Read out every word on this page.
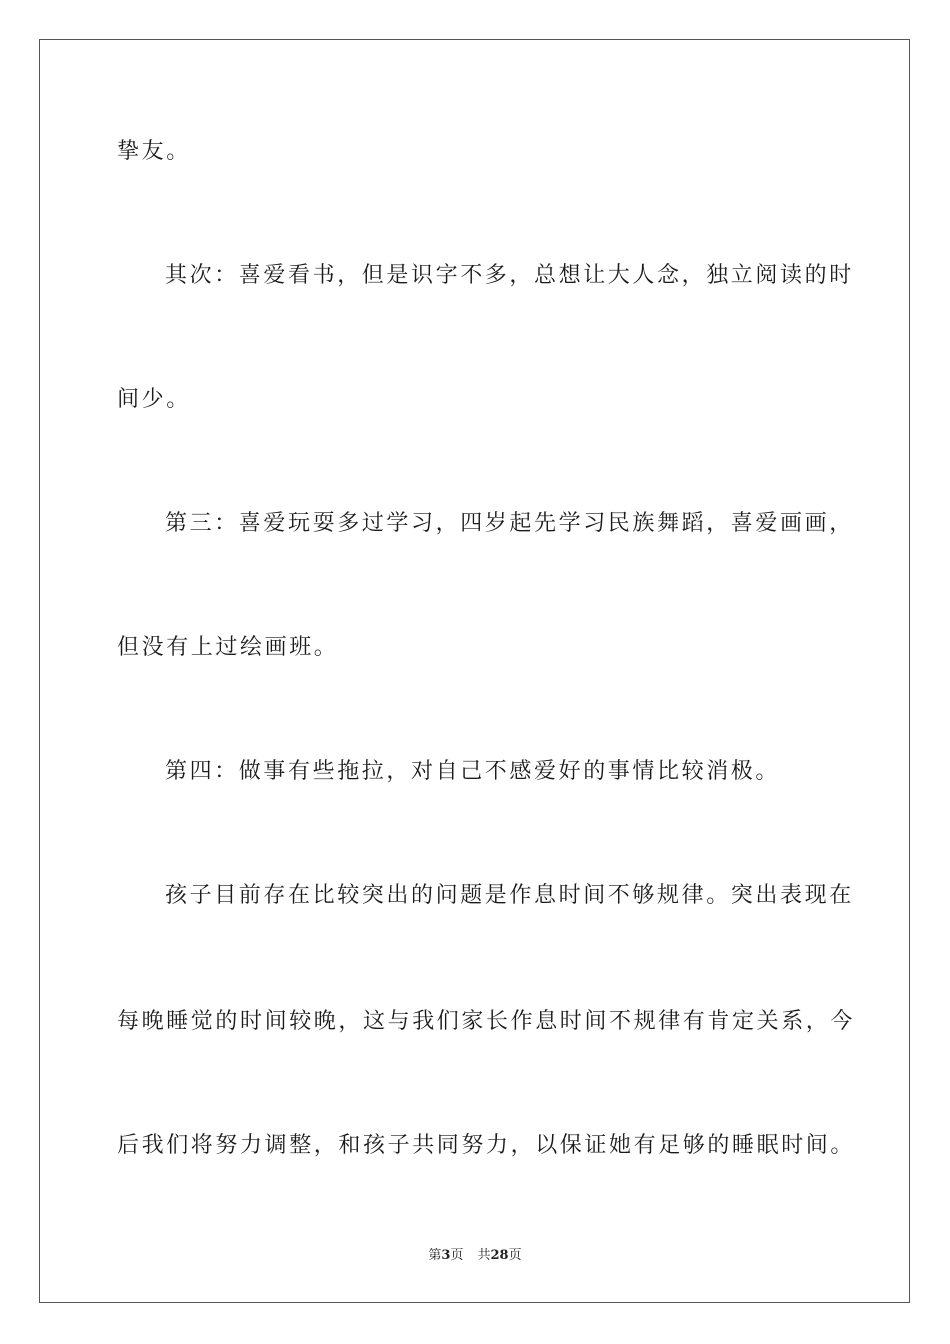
挚友。
其次：喜爱看书，但是识字不多，总想让大人念，独立阅读的时
间少。
第三：喜爱玩耍多过学习，四岁起先学习民族舞蹈，喜爱画画，
但没有上过绘画班。
第四：做事有些拖拉，对自己不感爱好的事情比较消极。
孩子目前存在比较突出的问题是作息时间不够规律。突出表现在
每晚睡觉的时间较晚，这与我们家长作息时间不规律有肯定关系，今
后我们将努力调整，和孩子共同努力，以保证她有足够的睡眠时间。
第3页 共28页
